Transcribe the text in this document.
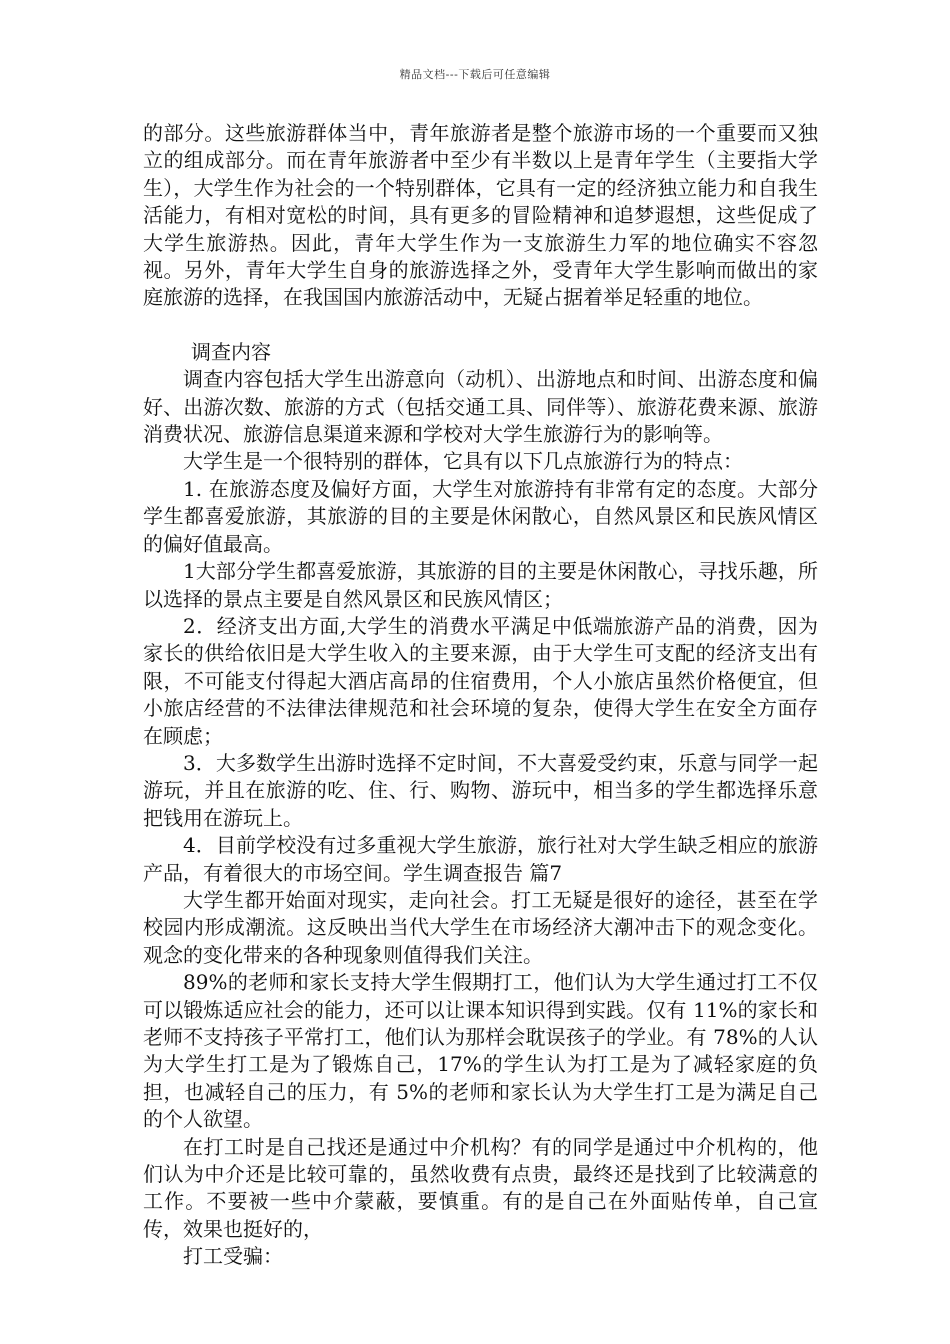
精品文档---下载后可任意编辑

的部分。这些旅游群体当中，青年旅游者是整个旅游市场的一个重要而又独立的组成部分。而在青年旅游者中至少有半数以上是青年学生（主要指大学生），大学生作为社会的一个特别群体，它具有一定的经济独立能力和自我生活能力，有相对宽松的时间，具有更多的冒险精神和追梦遐想，这些促成了大学生旅游热。因此，青年大学生作为一支旅游生力军的地位确实不容忽视。另外，青年大学生自身的旅游选择之外，受青年大学生影响而做出的家庭旅游的选择，在我国国内旅游活动中，无疑占据着举足轻重的地位。

调查内容

调查内容包括大学生出游意向（动机）、出游地点和时间、出游态度和偏好、出游次数、旅游的方式（包括交通工具、同伴等）、旅游花费来源、旅游消费状况、旅游信息渠道来源和学校对大学生旅游行为的影响等。

大学生是一个很特别的群体，它具有以下几点旅游行为的特点：

1. 在旅游态度及偏好方面，大学生对旅游持有非常有定的态度。大部分学生都喜爱旅游，其旅游的目的主要是休闲散心，自然风景区和民族风情区的偏好值最高。

1大部分学生都喜爱旅游，其旅游的目的主要是休闲散心，寻找乐趣，所以选择的景点主要是自然风景区和民族风情区；

2．经济支出方面,大学生的消费水平满足中低端旅游产品的消费，因为家长的供给依旧是大学生收入的主要来源，由于大学生可支配的经济支出有限，不可能支付得起大酒店高昂的住宿费用，个人小旅店虽然价格便宜，但小旅店经营的不法律法律规范和社会环境的复杂，使得大学生在安全方面存在顾虑；

3．大多数学生出游时选择不定时间，不大喜爱受约束，乐意与同学一起游玩，并且在旅游的吃、住、行、购物、游玩中，相当多的学生都选择乐意把钱用在游玩上。

4．目前学校没有过多重视大学生旅游，旅行社对大学生缺乏相应的旅游产品，有着很大的市场空间。学生调查报告 篇7

大学生都开始面对现实，走向社会。打工无疑是很好的途径，甚至在学校园内形成潮流。这反映出当代大学生在市场经济大潮冲击下的观念变化。观念的变化带来的各种现象则值得我们关注。

89%的老师和家长支持大学生假期打工，他们认为大学生通过打工不仅可以锻炼适应社会的能力，还可以让课本知识得到实践。仅有 11%的家长和老师不支持孩子平常打工，他们认为那样会耽误孩子的学业。有 78%的人认为大学生打工是为了锻炼自己，17%的学生认为打工是为了减轻家庭的负担，也减轻自己的压力，有 5%的老师和家长认为大学生打工是为满足自己的个人欲望。

在打工时是自己找还是通过中介机构？有的同学是通过中介机构的，他们认为中介还是比较可靠的，虽然收费有点贵，最终还是找到了比较满意的工作。不要被一些中介蒙蔽，要慎重。有的是自己在外面贴传单，自己宣传，效果也挺好的，

打工受骗：
